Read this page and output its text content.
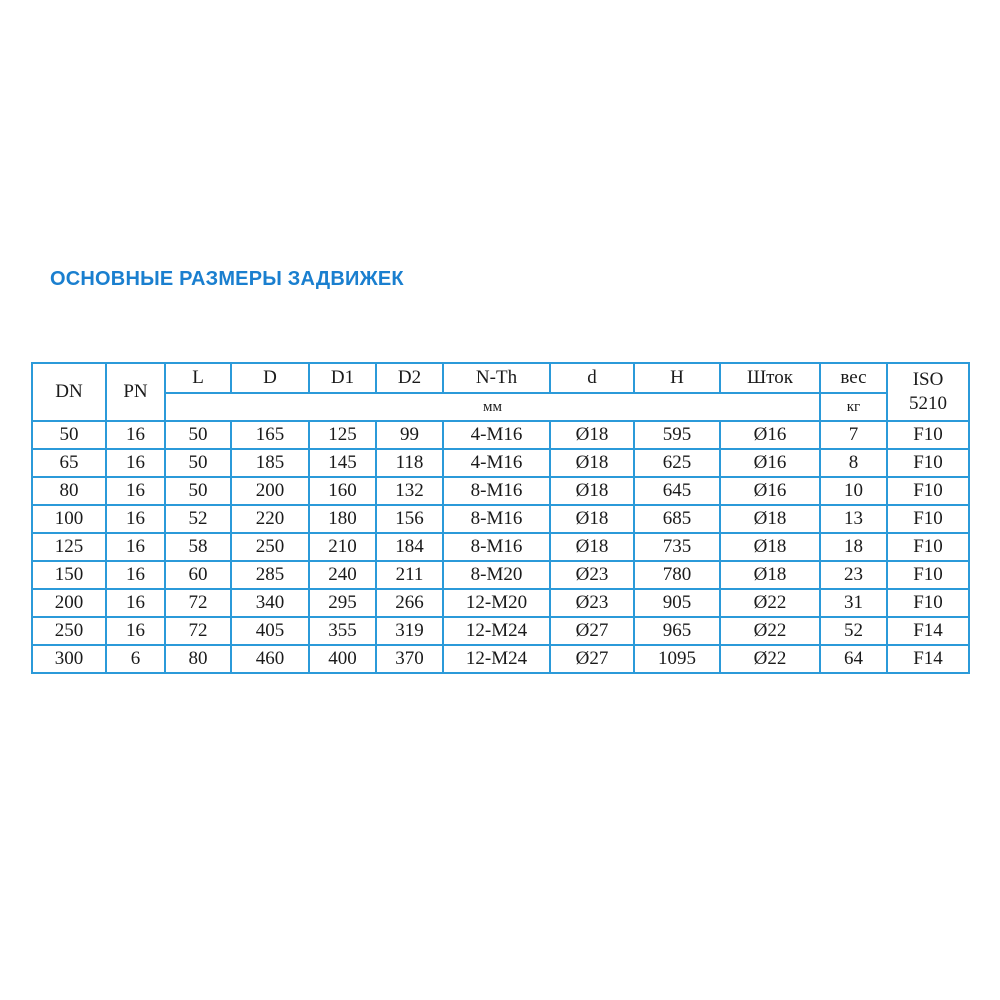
ОСНОВНЫЕ РАЗМЕРЫ ЗАДВИЖЕК
DN	PN	L	D	D1	D2	N-Th	d	H	Шток	вес	ISO
5210

		мм								кг	
50	16	50	165	125	99	4-M16	Ø18	595	Ø16	7	F10
65	16	50	185	145	118	4-M16	Ø18	625	Ø16	8	F10
80	16	50	200	160	132	8-M16	Ø18	645	Ø16	10	F10
100	16	52	220	180	156	8-M16	Ø18	685	Ø18	13	F10
125	16	58	250	210	184	8-M16	Ø18	735	Ø18	18	F10
150	16	60	285	240	211	8-M20	Ø23	780	Ø18	23	F10
200	16	72	340	295	266	12-M20	Ø23	905	Ø22	31	F10
250	16	72	405	355	319	12-M24	Ø27	965	Ø22	52	F14
300	6	80	460	400	370	12-M24	Ø27	1095	Ø22	64	F14
